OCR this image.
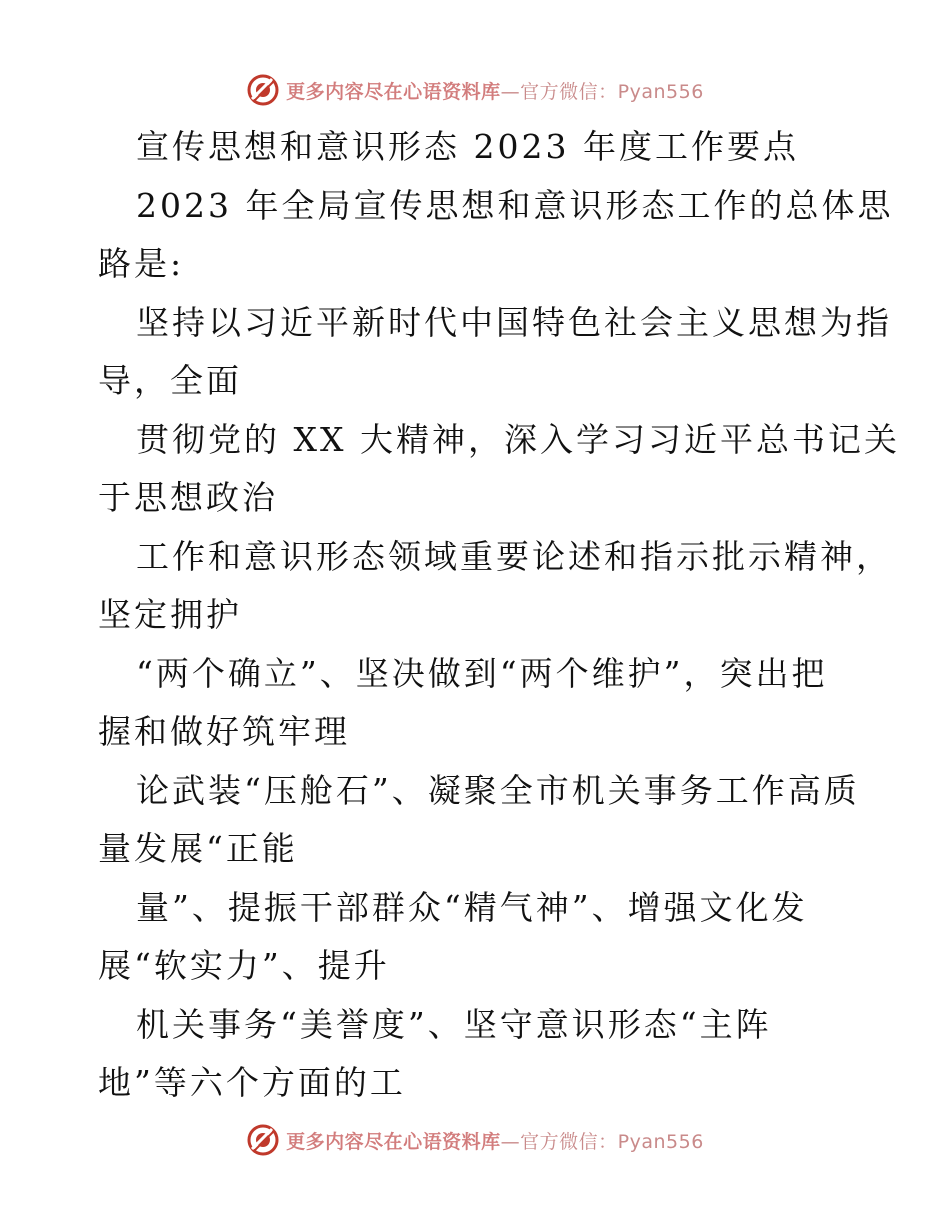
更多内容尽在心语资料库—官方微信：Pyan556
宣传思想和意识形态 2023 年度工作要点
2023 年全局宣传思想和意识形态工作的总体思
路是:
坚持以习近平新时代中国特色社会主义思想为指
导，全面
贯彻党的 XX 大精神，深入学习习近平总书记关
于思想政治
工作和意识形态领域重要论述和指示批示精神，
坚定拥护
“两个确立”、坚决做到“两个维护”，突出把
握和做好筑牢理
论武装“压舱石”、凝聚全市机关事务工作高质
量发展“正能
量”、提振干部群众“精气神”、增强文化发
展“软实力”、提升
机关事务“美誉度”、坚守意识形态“主阵
地”等六个方面的工
更多内容尽在心语资料库—官方微信：Pyan556
